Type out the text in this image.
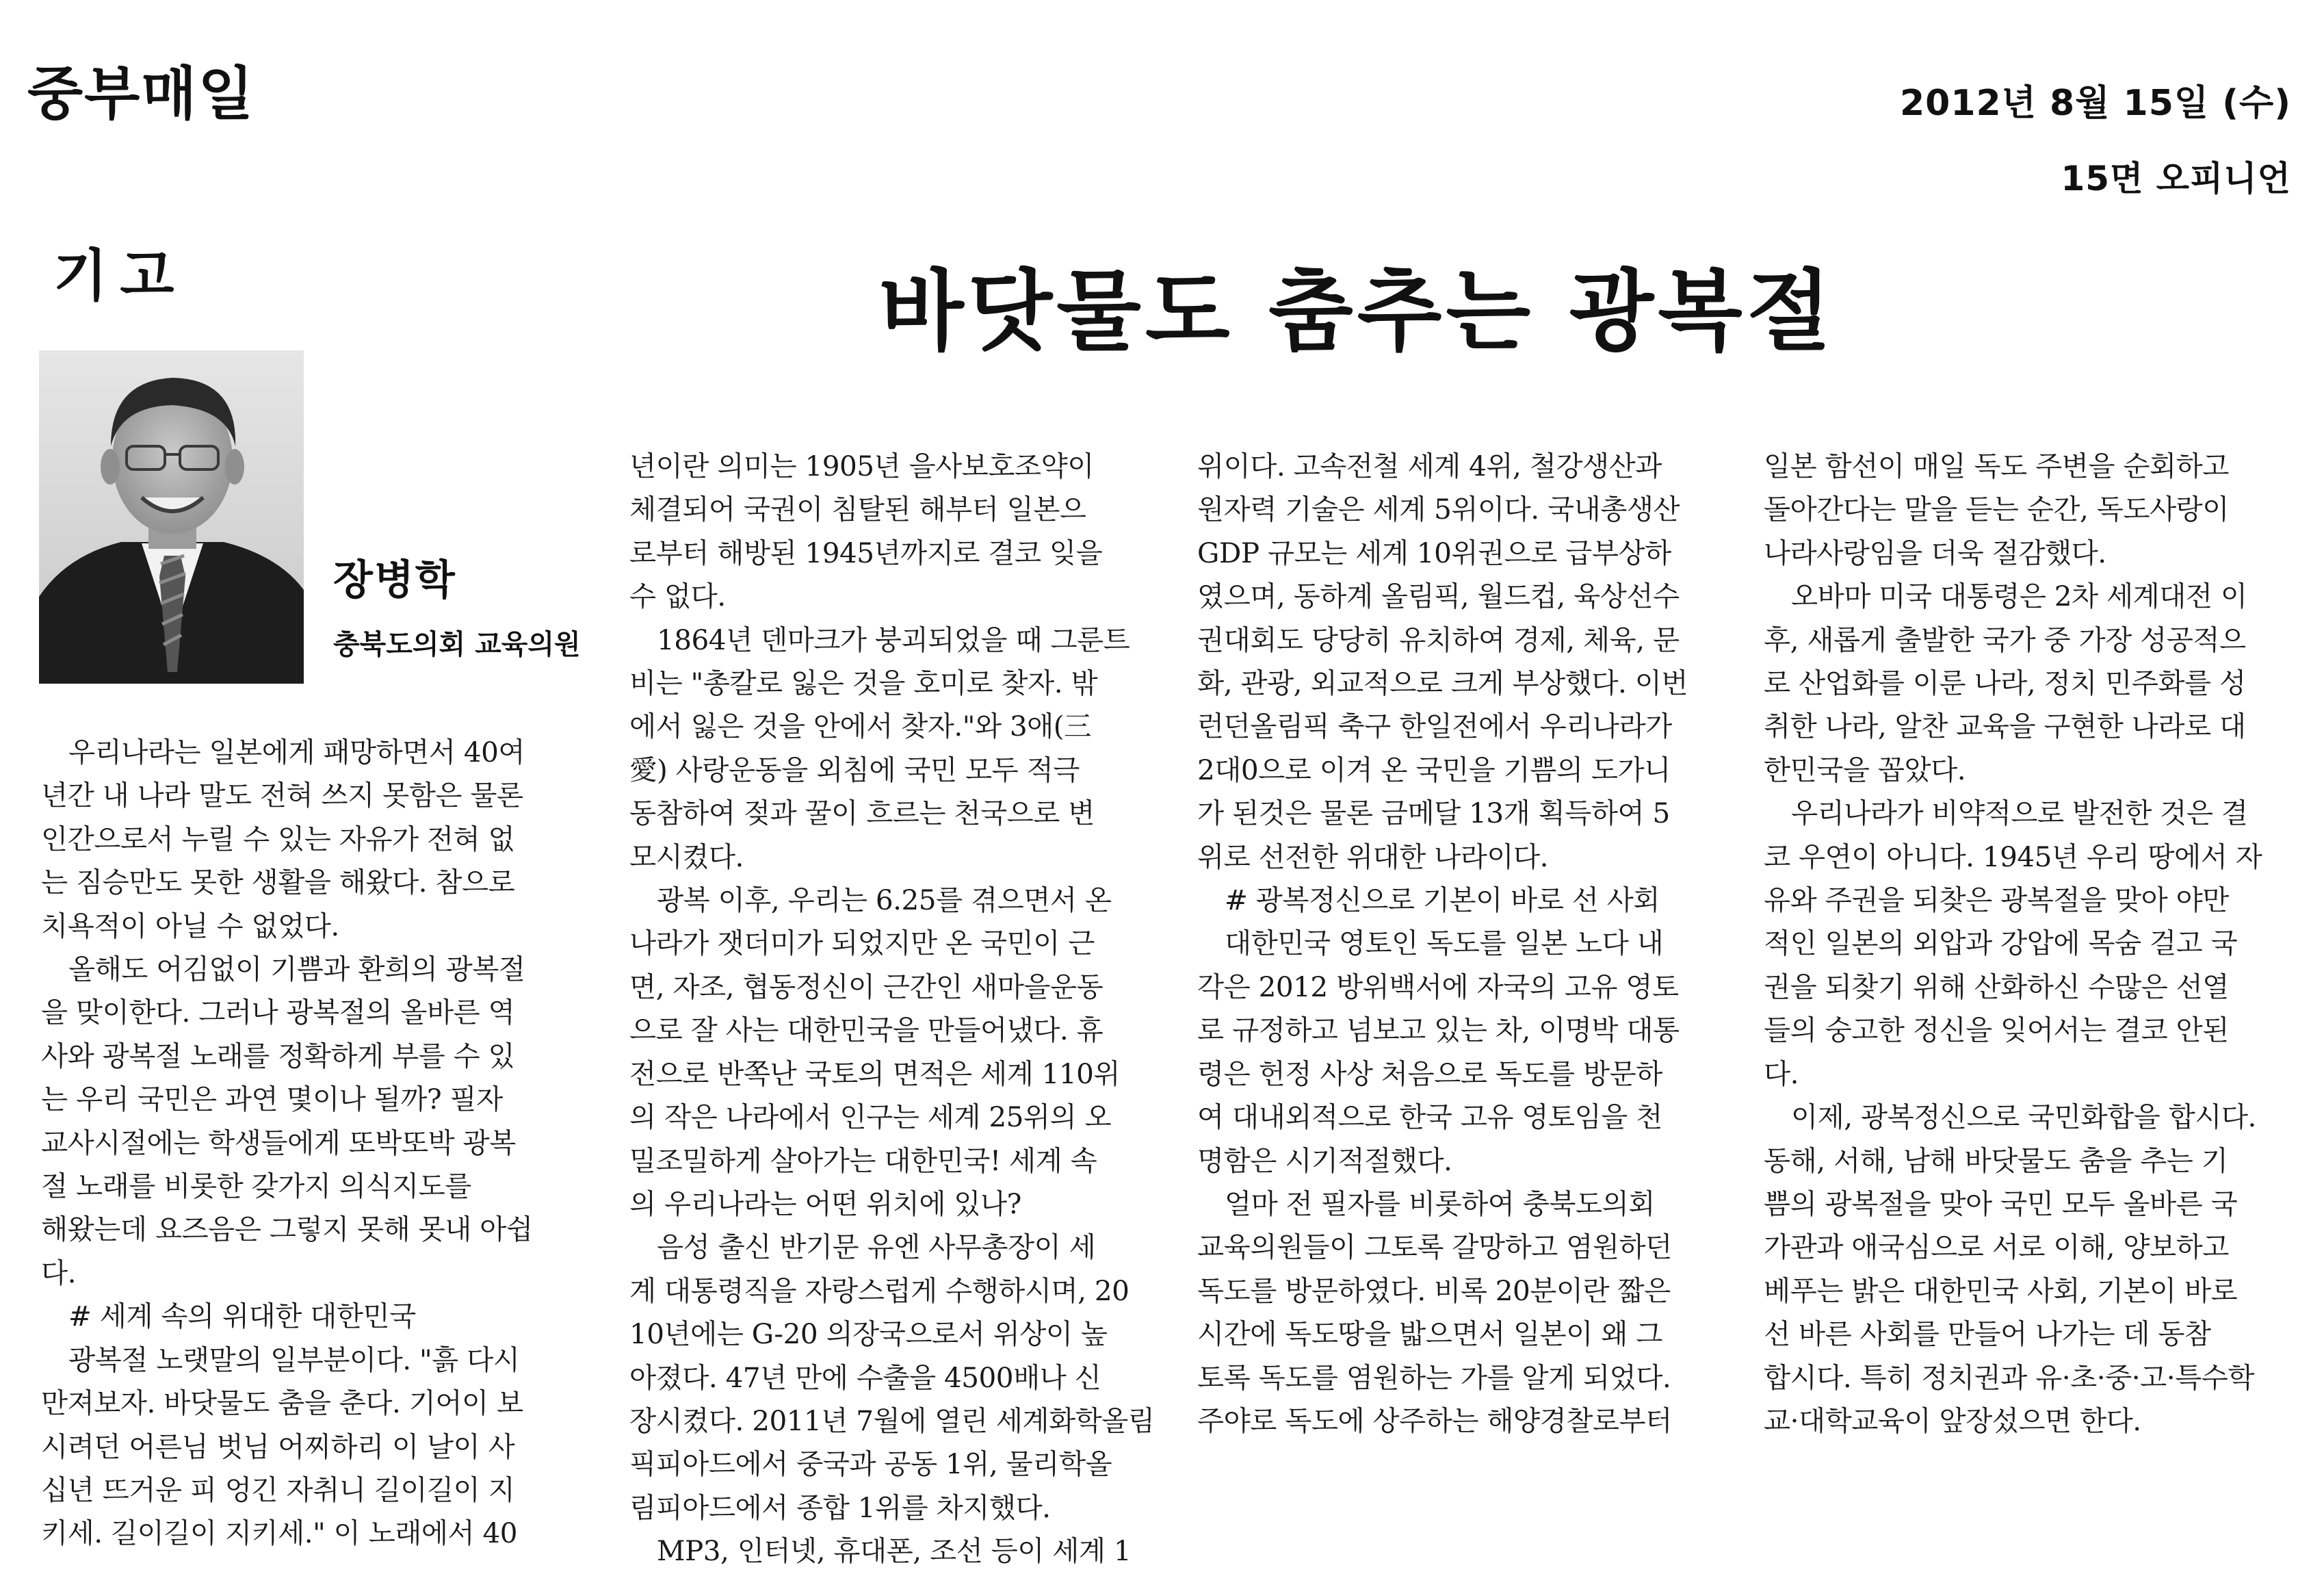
중부매일	2012년 8월 15일 (수)
15면 오피니언
기고	바닷물도 춤추는 광복절
장병학
충북도의회 교육의원
우리나라는 일본에게 패망하면서 40여
년간 내 나라 말도 전혀 쓰지 못함은 물론
인간으로서 누릴 수 있는 자유가 전혀 없
는 짐승만도 못한 생활을 해왔다. 참으로
치욕적이 아닐 수 없었다.
올해도 어김없이 기쁨과 환희의 광복절
을 맞이한다. 그러나 광복절의 올바른 역
사와 광복절 노래를 정확하게 부를 수 있
는 우리 국민은 과연 몇이나 될까? 필자
교사시절에는 학생들에게 또박또박 광복
절 노래를 비롯한 갖가지 의식지도를
해왔는데 요즈음은 그렇지 못해 못내 아쉽
다.
# 세계 속의 위대한 대한민국
광복절 노랫말의 일부분이다. "흙 다시
만져보자. 바닷물도 춤을 춘다. 기어이 보
시려던 어른님 벗님 어찌하리 이 날이 사
십년 뜨거운 피 엉긴 자취니 길이길이 지
키세. 길이길이 지키세." 이 노래에서 40
년이란 의미는 1905년 을사보호조약이
체결되어 국권이 침탈된 해부터 일본으
로부터 해방된 1945년까지로 결코 잊을
수 없다.
1864년 덴마크가 붕괴되었을 때 그룬트
비는 "총칼로 잃은 것을 호미로 찾자. 밖
에서 잃은 것을 안에서 찾자."와 3애(三
愛) 사랑운동을 외침에 국민 모두 적극
동참하여 젖과 꿀이 흐르는 천국으로 변
모시켰다.
광복 이후, 우리는 6.25를 겪으면서 온
나라가 잿더미가 되었지만 온 국민이 근
면, 자조, 협동정신이 근간인 새마을운동
으로 잘 사는 대한민국을 만들어냈다. 휴
전으로 반쪽난 국토의 면적은 세계 110위
의 작은 나라에서 인구는 세계 25위의 오
밀조밀하게 살아가는 대한민국! 세계 속
의 우리나라는 어떤 위치에 있나?
음성 출신 반기문 유엔 사무총장이 세
계 대통령직을 자랑스럽게 수행하시며, 20
10년에는 G-20 의장국으로서 위상이 높
아졌다. 47년 만에 수출을 4500배나 신
장시켰다. 2011년 7월에 열린 세계화학올림
픽피아드에서 중국과 공동 1위, 물리학올
림피아드에서 종합 1위를 차지했다.
MP3, 인터넷, 휴대폰, 조선 등이 세계 1
위이다. 고속전철 세계 4위, 철강생산과
원자력 기술은 세계 5위이다. 국내총생산
GDP 규모는 세계 10위권으로 급부상하
였으며, 동하계 올림픽, 월드컵, 육상선수
권대회도 당당히 유치하여 경제, 체육, 문
화, 관광, 외교적으로 크게 부상했다. 이번
런던올림픽 축구 한일전에서 우리나라가
2대0으로 이겨 온 국민을 기쁨의 도가니
가 된것은 물론 금메달 13개 획득하여 5
위로 선전한 위대한 나라이다.
# 광복정신으로 기본이 바로 선 사회
대한민국 영토인 독도를 일본 노다 내
각은 2012 방위백서에 자국의 고유 영토
로 규정하고 넘보고 있는 차, 이명박 대통
령은 헌정 사상 처음으로 독도를 방문하
여 대내외적으로 한국 고유 영토임을 천
명함은 시기적절했다.
얼마 전 필자를 비롯하여 충북도의회
교육의원들이 그토록 갈망하고 염원하던
독도를 방문하였다. 비록 20분이란 짧은
시간에 독도땅을 밟으면서 일본이 왜 그
토록 독도를 염원하는 가를 알게 되었다.
주야로 독도에 상주하는 해양경찰로부터
일본 함선이 매일 독도 주변을 순회하고
돌아간다는 말을 듣는 순간, 독도사랑이
나라사랑임을 더욱 절감했다.
오바마 미국 대통령은 2차 세계대전 이
후, 새롭게 출발한 국가 중 가장 성공적으
로 산업화를 이룬 나라, 정치 민주화를 성
취한 나라, 알찬 교육을 구현한 나라로 대
한민국을 꼽았다.
우리나라가 비약적으로 발전한 것은 결
코 우연이 아니다. 1945년 우리 땅에서 자
유와 주권을 되찾은 광복절을 맞아 야만
적인 일본의 외압과 강압에 목숨 걸고 국
권을 되찾기 위해 산화하신 수많은 선열
들의 숭고한 정신을 잊어서는 결코 안된
다.
이제, 광복정신으로 국민화합을 합시다.
동해, 서해, 남해 바닷물도 춤을 추는 기
쁨의 광복절을 맞아 국민 모두 올바른 국
가관과 애국심으로 서로 이해, 양보하고
베푸는 밝은 대한민국 사회, 기본이 바로
선 바른 사회를 만들어 나가는 데 동참
합시다. 특히 정치권과 유·초·중·고·특수학
교·대학교육이 앞장섰으면 한다.
